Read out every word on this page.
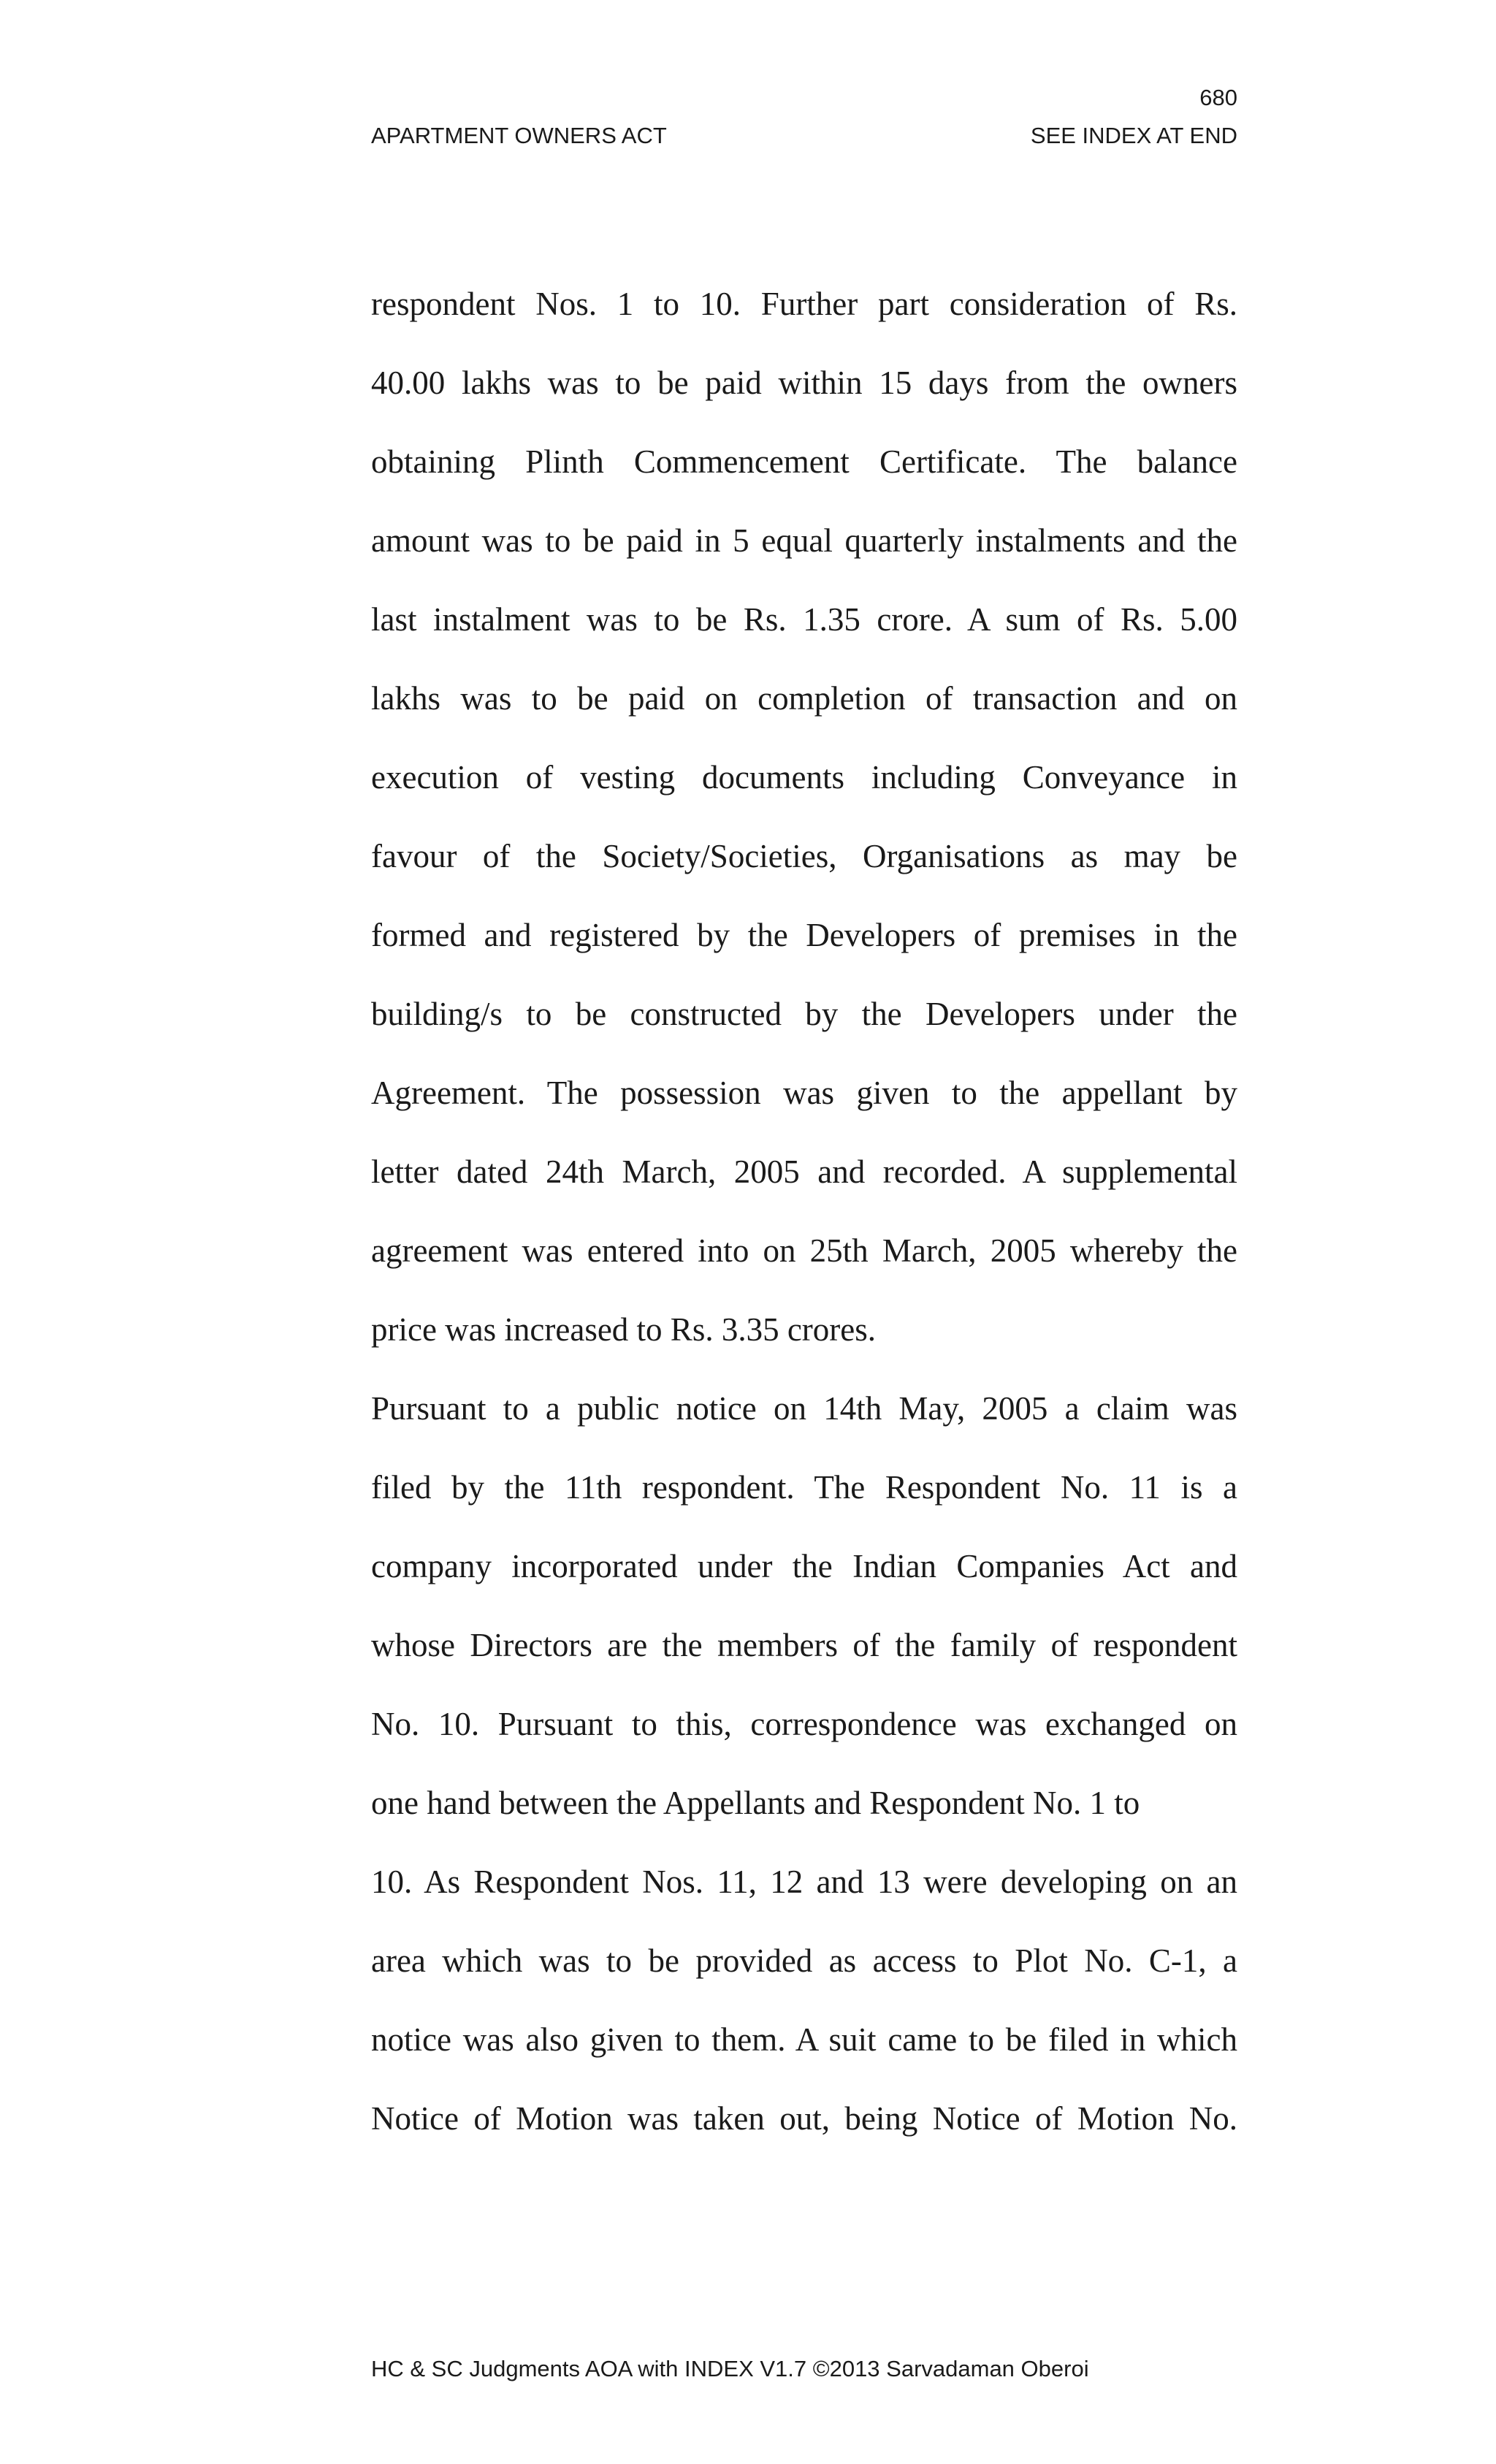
680
APARTMENT OWNERS ACT	SEE INDEX AT END
respondent Nos. 1 to 10. Further part consideration of Rs.
40.00 lakhs was to be paid within 15 days from the owners
obtaining Plinth Commencement Certificate. The balance
amount was to be paid in 5 equal quarterly instalments and the
last instalment was to be Rs. 1.35 crore. A sum of Rs. 5.00
lakhs was to be paid on completion of transaction and on
execution of vesting documents including Conveyance in
favour of the Society/Societies, Organisations as may be
formed and registered by the Developers of premises in the
building/s to be constructed by the Developers under the
Agreement. The possession was given to the appellant by
letter dated 24th March, 2005 and recorded. A supplemental
agreement was entered into on 25th March, 2005 whereby the
price was increased to Rs. 3.35 crores.
Pursuant to a public notice on 14th May, 2005 a claim was
filed by the 11th respondent. The Respondent No. 11 is a
company incorporated under the Indian Companies Act and
whose Directors are the members of the family of respondent
No. 10. Pursuant to this, correspondence was exchanged on
one hand between the Appellants and Respondent No. 1 to
10. As Respondent Nos. 11, 12 and 13 were developing on an
area which was to be provided as access to Plot No. C-1, a
notice was also given to them. A suit came to be filed in which
Notice of Motion was taken out, being Notice of Motion No.
HC & SC Judgments AOA with INDEX V1.7 ©2013 Sarvadaman Oberoi
